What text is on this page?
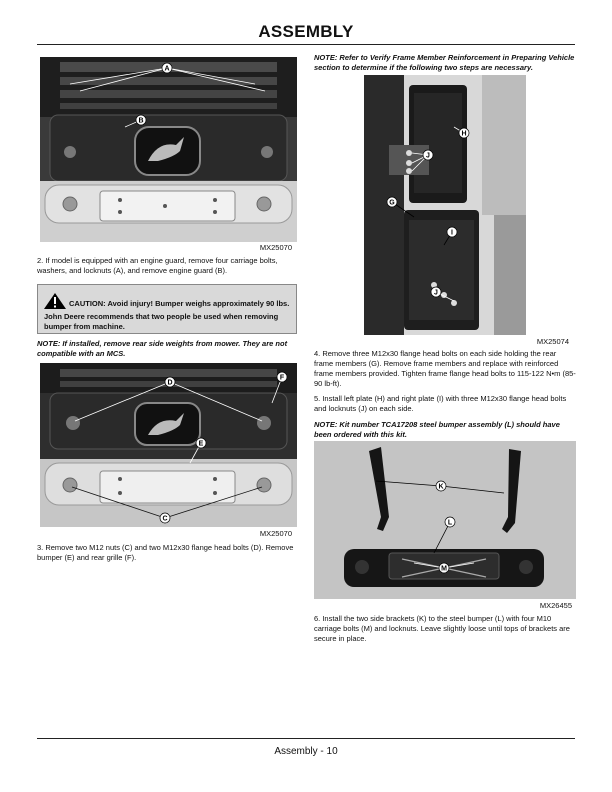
ASSEMBLY
A
B
MX25070
2. If model is equipped with an engine guard, remove four carriage bolts, washers, and locknuts (A), and remove engine guard (B).
CAUTION: Avoid injury! Bumper weighs approximately 90 lbs. John Deere recommends that two people be used when removing bumper from machine.
NOTE: If installed, remove rear side weights from mower. They are not compatible with an MCS.
D
F
E
C
MX25070
3. Remove two M12 nuts (C) and two M12x30 flange head bolts (D). Remove bumper (E) and rear grille (F).
NOTE: Refer to Verify Frame Member Reinforcement in Preparing Vehicle section to determine if the following two steps are necessary.
H
J
G
I
J
MX25074
4. Remove three M12x30 flange head bolts on each side holding the rear frame members (G). Remove frame members and replace with reinforced frame members provided. Tighten frame flange head bolts to 115-122 N•m (85-90 lb-ft).
5. Install left plate (H) and right plate (I) with three M12x30 flange head bolts and locknuts (J) on each side.
NOTE: Kit number TCA17208 steel bumper assembly (L) should have been ordered with this kit.
K
L
M
MX26455
6. Install the two side brackets (K) to the steel bumper (L) with four M10 carriage bolts (M) and locknuts. Leave slightly loose until tops of brackets are secure in place.
Assembly - 10
